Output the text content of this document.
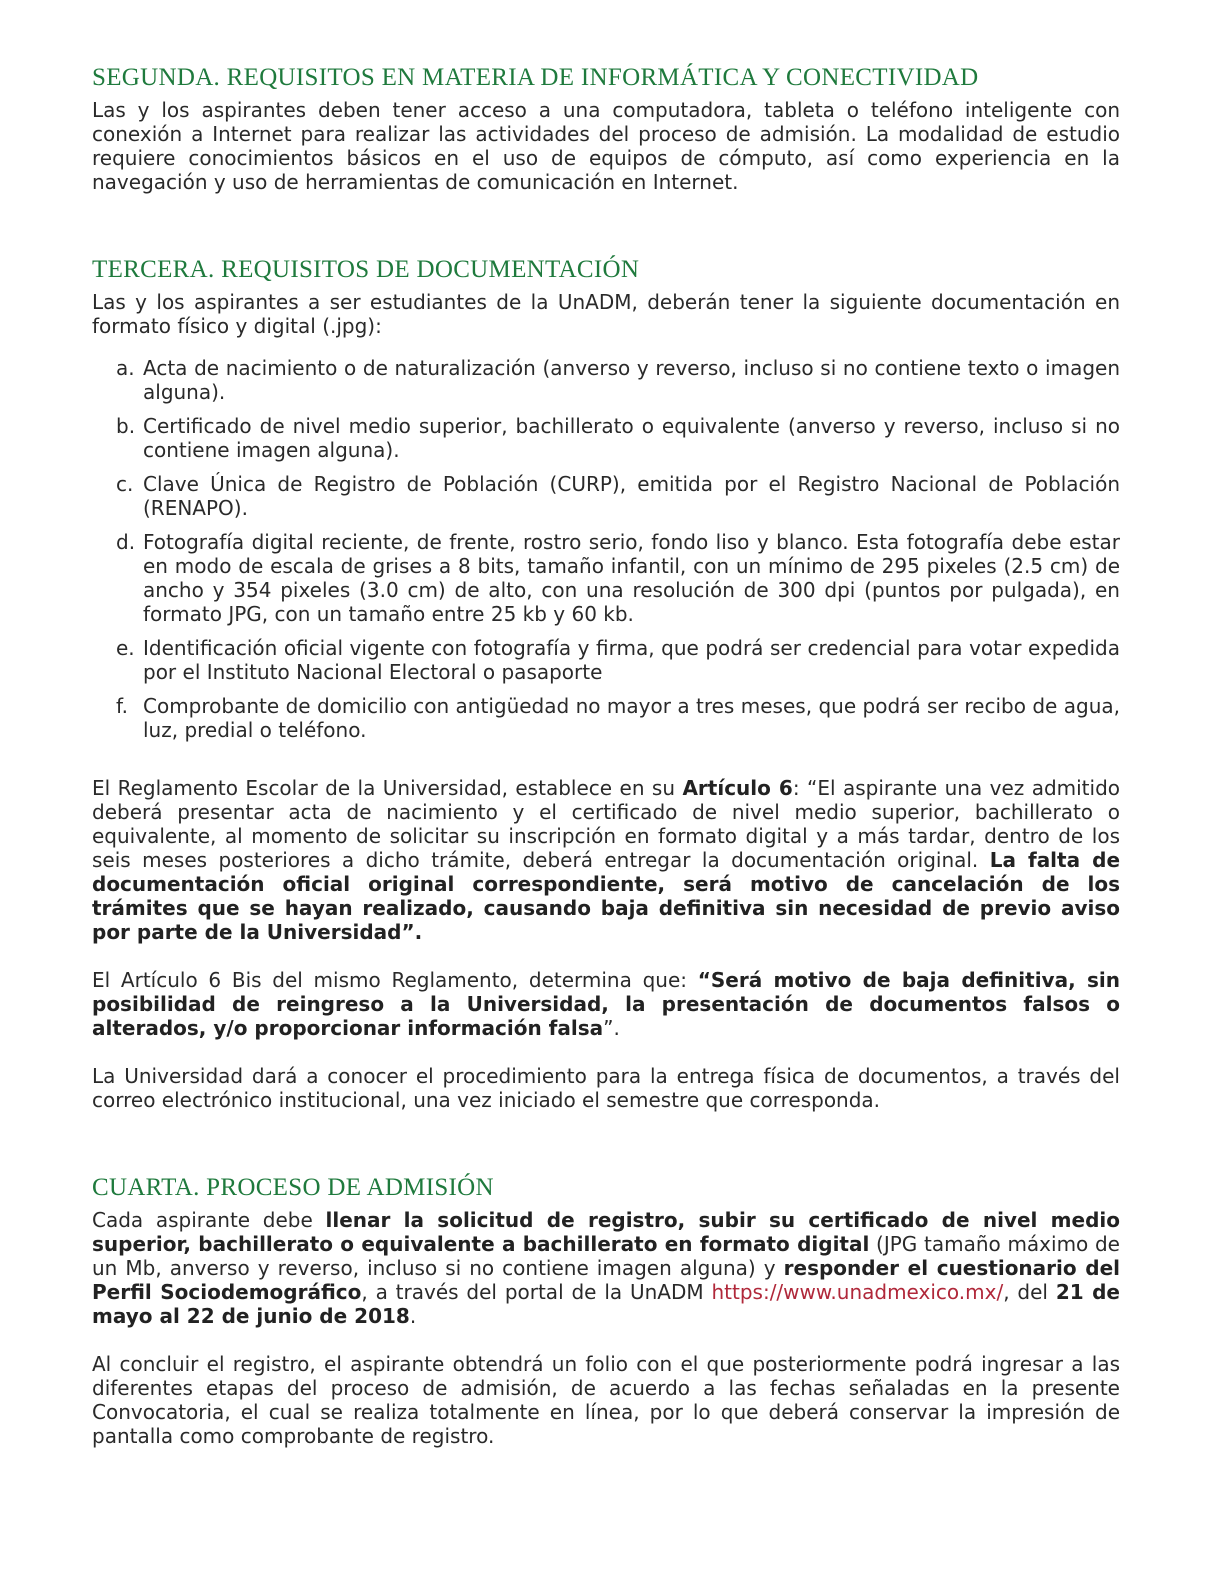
SEGUNDA. REQUISITOS EN MATERIA DE INFORMÁTICA Y CONECTIVIDAD

Las y los aspirantes deben tener acceso a una computadora, tableta o teléfono inteligente con conexión a Internet para realizar las actividades del proceso de admisión. La modalidad de estudio requiere conocimientos básicos en el uso de equipos de cómputo, así como experiencia en la navegación y uso de herramientas de comunicación en Internet.

TERCERA. REQUISITOS DE DOCUMENTACIÓN

Las y los aspirantes a ser estudiantes de la UnADM, deberán tener la siguiente documentación en formato físico y digital (.jpg):

a. Acta de nacimiento o de naturalización (anverso y reverso, incluso si no contiene texto o imagen alguna).
b. Certificado de nivel medio superior, bachillerato o equivalente (anverso y reverso, incluso si no contiene imagen alguna).
c. Clave Única de Registro de Población (CURP), emitida por el Registro Nacional de Población (RENAPO).
d. Fotografía digital reciente, de frente, rostro serio, fondo liso y blanco. Esta fotografía debe estar en modo de escala de grises a 8 bits, tamaño infantil, con un mínimo de 295 pixeles (2.5 cm) de ancho y 354 pixeles (3.0 cm) de alto, con una resolución de 300 dpi (puntos por pulgada), en formato JPG, con un tamaño entre 25 kb y 60 kb.
e. Identificación oficial vigente con fotografía y firma, que podrá ser credencial para votar expedida por el Instituto Nacional Electoral o pasaporte
f. Comprobante de domicilio con antigüedad no mayor a tres meses, que podrá ser recibo de agua, luz, predial o teléfono.

El Reglamento Escolar de la Universidad, establece en su Artículo 6: “El aspirante una vez admitido deberá presentar acta de nacimiento y el certificado de nivel medio superior, bachillerato o equivalente, al momento de solicitar su inscripción en formato digital y a más tardar, dentro de los seis meses posteriores a dicho trámite, deberá entregar la documentación original. La falta de documentación oficial original correspondiente, será motivo de cancelación de los trámites que se hayan realizado, causando baja definitiva sin necesidad de previo aviso por parte de la Universidad”.

El Artículo 6 Bis del mismo Reglamento, determina que: “Será motivo de baja definitiva, sin posibilidad de reingreso a la Universidad, la presentación de documentos falsos o alterados, y/o proporcionar información falsa”.

La Universidad dará a conocer el procedimiento para la entrega física de documentos, a través del correo electrónico institucional, una vez iniciado el semestre que corresponda.

CUARTA. PROCESO DE ADMISIÓN

Cada aspirante debe llenar la solicitud de registro, subir su certificado de nivel medio superior, bachillerato o equivalente a bachillerato en formato digital (JPG tamaño máximo de un Mb, anverso y reverso, incluso si no contiene imagen alguna) y responder el cuestionario del Perfil Sociodemográfico, a través del portal de la UnADM https://www.unadmexico.mx/, del 21 de mayo al 22 de junio de 2018.

Al concluir el registro, el aspirante obtendrá un folio con el que posteriormente podrá ingresar a las diferentes etapas del proceso de admisión, de acuerdo a las fechas señaladas en la presente Convocatoria, el cual se realiza totalmente en línea, por lo que deberá conservar la impresión de pantalla como comprobante de registro.
